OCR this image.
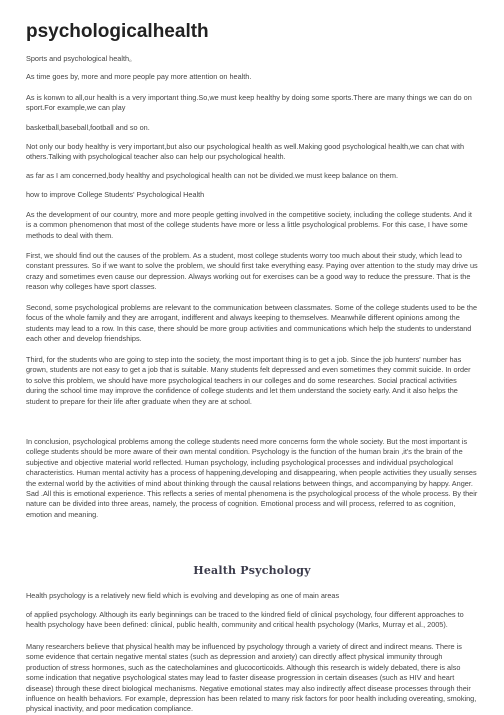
psychologicalhealth

Sports and psychological health。

As time goes by, more and more people pay more attention on health.

As is konwn to all,our health is a very important thing.So,we must keep healthy by doing some sports.There are many things we can do on sport.For example,we can play

basketball,baseball,football and so on.

Not only our body healthy is very important,but also our psychological health as well.Making good psychological health,we can chat with others.Talking with psychological teacher also can help our psychological health.

as far as I am concerned,body healthy and psychological health can not be divided.we must keep balance on them.

how to improve College Students' Psychological Health

As the development of our country, more and more people getting involved in the competitive society, including the college students. And it is a common phenomenon that most of the college students have more or less a little psychological problems. For this case, I have some methods to deal with them.

First, we should find out the causes of the problem. As a student, most college students worry too much about their study, which lead to constant pressures. So if we want to solve the problem, we should first take everything easy. Paying over attention to the study may drive us crazy and sometimes even cause our depression. Always working out for exercises can be a good way to reduce the pressure. That is the reason why colleges have sport classes.

Second, some psychological problems are relevant to the communication between classmates. Some of the college students used to be the focus of the whole family and they are arrogant, indifferent and always keeping to themselves. Meanwhile different opinions among the students may lead to a row. In this case, there should be more group activities and communications which help the students to understand each other and develop friendships.

Third, for the students who are going to step into the society, the most important thing is to get a job. Since the job hunters' number has grown, students are not easy to get a job that is suitable. Many students felt depressed and even sometimes they commit suicide. In order to solve this problem, we should have more psychological teachers in our colleges and do some researches. Social practical activities during the school time may improve the confidence of college students and let them understand the society early. And it also helps the student to prepare for their life after graduate when they are at school.

In conclusion, psychological problems among the college students need more concerns form the whole society. But the most important is college students should be more aware of their own mental condition. Psychology is the function of the human brain ,it's the brain of the subjective and objective material world reflected. Human psychology, including psychological processes and individual psychological characteristics. Human mental activity has a process of happening,developing and disappearing, when people activities they usually senses the external world by the activities of mind about thinking through the causal relations between things, and accompanying by happy. Anger. Sad .All this is emotional experience. This reflects a series of mental phenomena is the psychological process of the whole process. By their nature can be divided into three areas, namely, the process of cognition. Emotional process and will process, referred to as cognition, emotion and meaning.

Health Psychology

Health psychology is a relatively new field which is evolving and developing as one of main areas

of applied psychology. Although its early beginnings can be traced to the kindred field of clinical psychology, four different approaches to health psychology have been defined: clinical, public health, community and critical health psychology (Marks, Murray et al., 2005).

Many researchers believe that physical health may be influenced by psychology through a variety of direct and indirect means. There is some evidence that certain negative mental states (such as depression and anxiety) can directly affect physical immunity through production of stress hormones, such as the catecholamines and glucocorticoids. Although this research is widely debated, there is also some indication that negative psychological states may lead to faster disease progression in certain diseases (such as HIV and heart disease) through these direct biological mechanisms. Negative emotional states may also indirectly affect disease processes through their influence on health behaviors. For example, depression has been related to many risk factors for poor health including overeating, smoking, physical inactivity, and poor medication compliance.
